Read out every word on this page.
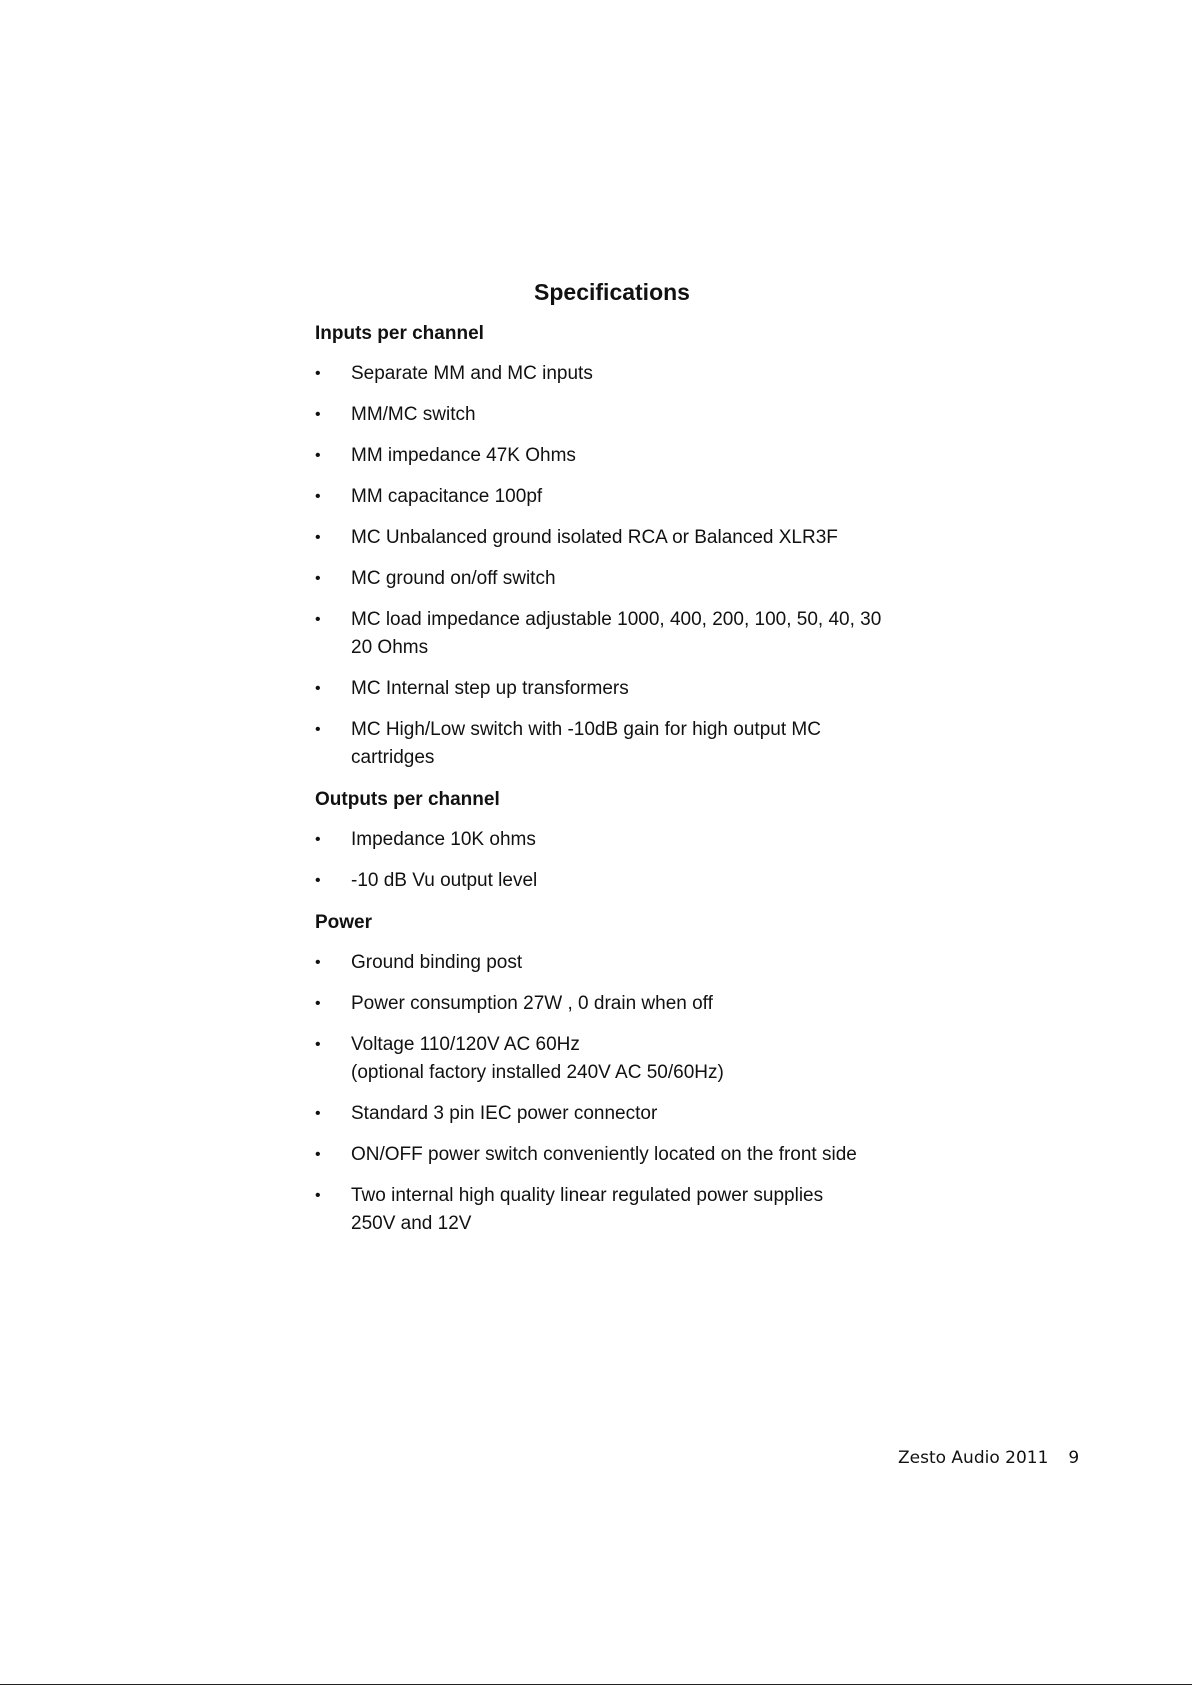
Specifications
Inputs per channel
•	Separate MM and MC inputs
•	MM/MC switch
•	MM impedance 47K Ohms
•	MM capacitance 100pf
•	MC Unbalanced ground isolated RCA or Balanced XLR3F
•	MC ground on/off switch
•	MC load impedance adjustable 1000, 400, 200, 100, 50, 40, 30
20 Ohms
•	MC Internal step up transformers
•	MC High/Low switch with -10dB gain for high output MC
cartridges
Outputs per channel
•	Impedance 10K ohms
•	-10 dB Vu output level
Power
•	Ground binding post
•	Power consumption 27W , 0 drain when off
•	Voltage 110/120V AC 60Hz
(optional factory installed 240V AC 50/60Hz)
•	Standard 3 pin IEC power connector
•	ON/OFF power switch conveniently located on the front side
•	Two internal high quality linear regulated power supplies
250V and 12V
Zesto Audio 2011 9
